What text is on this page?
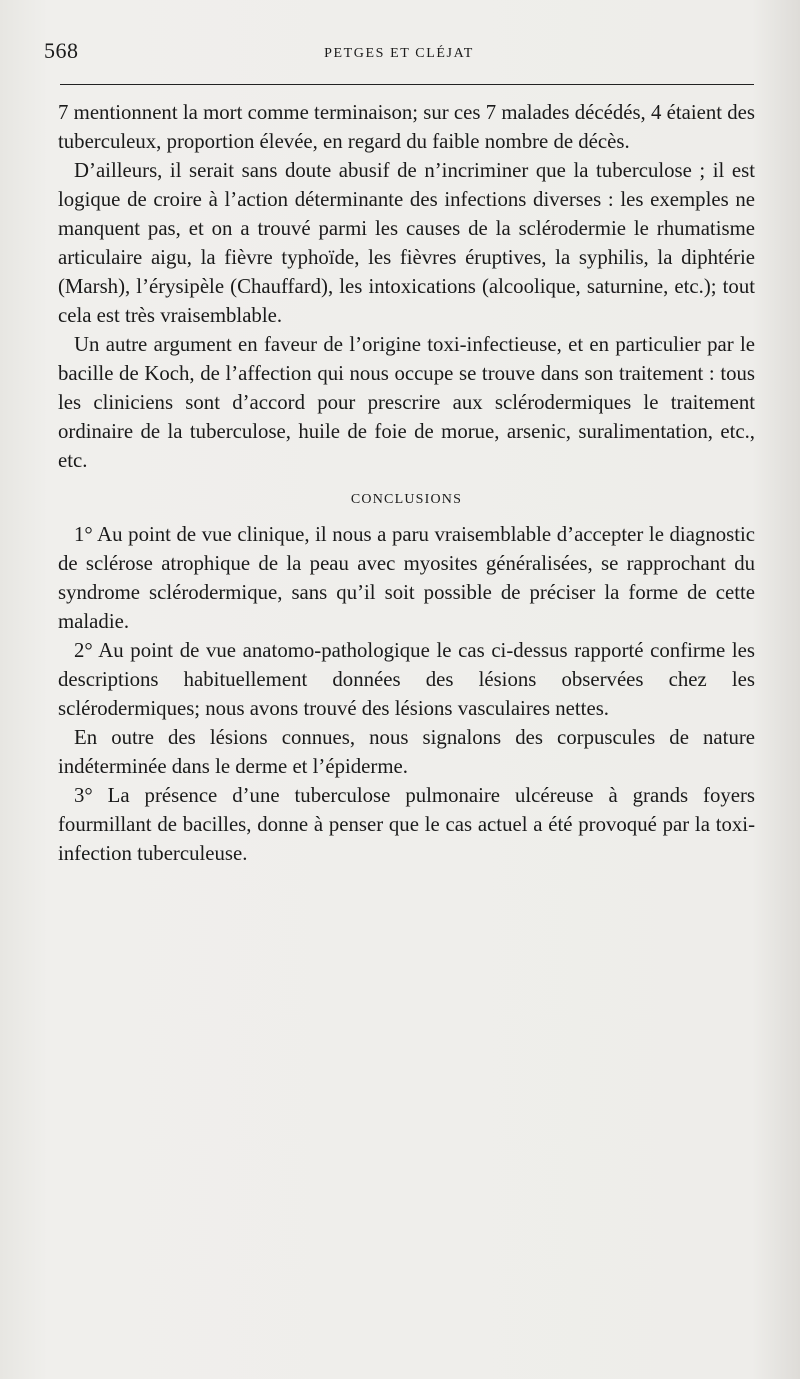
568	PETGES ET CLÉJAT

7 mentionnent la mort comme terminaison; sur ces 7 malades décédés, 4 étaient des tuberculeux, proportion élevée, en regard du faible nombre de décès.

D’ailleurs, il serait sans doute abusif de n’incriminer que la tuberculose ; il est logique de croire à l’action déterminante des infections diverses : les exemples ne manquent pas, et on a trouvé parmi les causes de la sclérodermie le rhumatisme articulaire aigu, la fièvre typhoïde, les fièvres éruptives, la syphilis, la diphtérie (Marsh), l’érysipèle (Chauffard), les intoxications (alcoolique, saturnine, etc.); tout cela est très vraisemblable.

Un autre argument en faveur de l’origine toxi-infectieuse, et en particulier par le bacille de Koch, de l’affection qui nous occupe se trouve dans son traitement : tous les cliniciens sont d’accord pour prescrire aux sclérodermiques le traitement ordinaire de la tuberculose, huile de foie de morue, arsenic, suralimentation, etc., etc.

CONCLUSIONS

1° Au point de vue clinique, il nous a paru vraisemblable d’accepter le diagnostic de sclérose atrophique de la peau avec myosites généralisées, se rapprochant du syndrome sclérodermique, sans qu’il soit possible de préciser la forme de cette maladie.

2° Au point de vue anatomo-pathologique le cas ci-dessus rapporté confirme les descriptions habituellement données des lésions observées chez les sclérodermiques; nous avons trouvé des lésions vasculaires nettes.

En outre des lésions connues, nous signalons des corpuscules de nature indéterminée dans le derme et l’épiderme.

3° La présence d’une tuberculose pulmonaire ulcéreuse à grands foyers fourmillant de bacilles, donne à penser que le cas actuel a été provoqué par la toxi-infection tuberculeuse.
